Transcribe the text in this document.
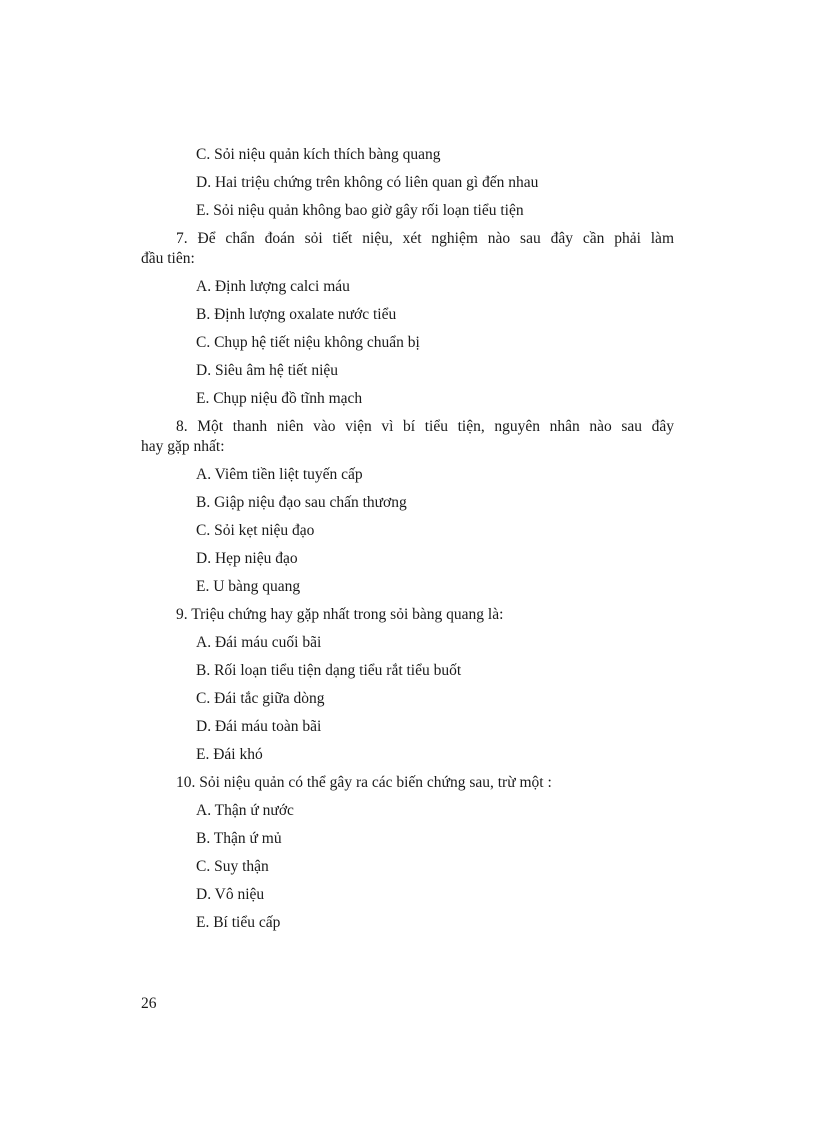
C. Sỏi niệu quản kích thích bàng quang
D. Hai triệu chứng trên không có liên quan gì đến nhau
E. Sỏi niệu quản không bao giờ gây rối loạn tiểu tiện
7. Để chẩn đoán sỏi tiết niệu, xét nghiệm nào sau đây cần phải làm
đầu tiên:
A. Định lượng calci máu
B. Định lượng oxalate nước tiểu
C. Chụp hệ tiết niệu không chuẩn bị
D. Siêu âm hệ tiết niệu
E. Chụp niệu đồ tĩnh mạch
8. Một thanh niên vào viện vì bí tiểu tiện, nguyên nhân nào sau đây
hay gặp nhất:
A. Viêm tiền liệt tuyến cấp
B. Giập niệu đạo sau chấn thương
C. Sỏi kẹt niệu đạo
D. Hẹp niệu đạo
E. U bàng quang
9. Triệu chứng hay gặp nhất trong sỏi bàng quang là:
A. Đái máu cuối bãi
B. Rối loạn tiểu tiện dạng tiểu rắt tiểu buốt
C. Đái tắc giữa dòng
D. Đái máu toàn bãi
E. Đái khó
10. Sỏi niệu quản có thể gây ra các biến chứng sau, trừ một :
A. Thận ứ nước
B. Thận ứ mủ
C. Suy thận
D. Vô niệu
E. Bí tiểu cấp
26
